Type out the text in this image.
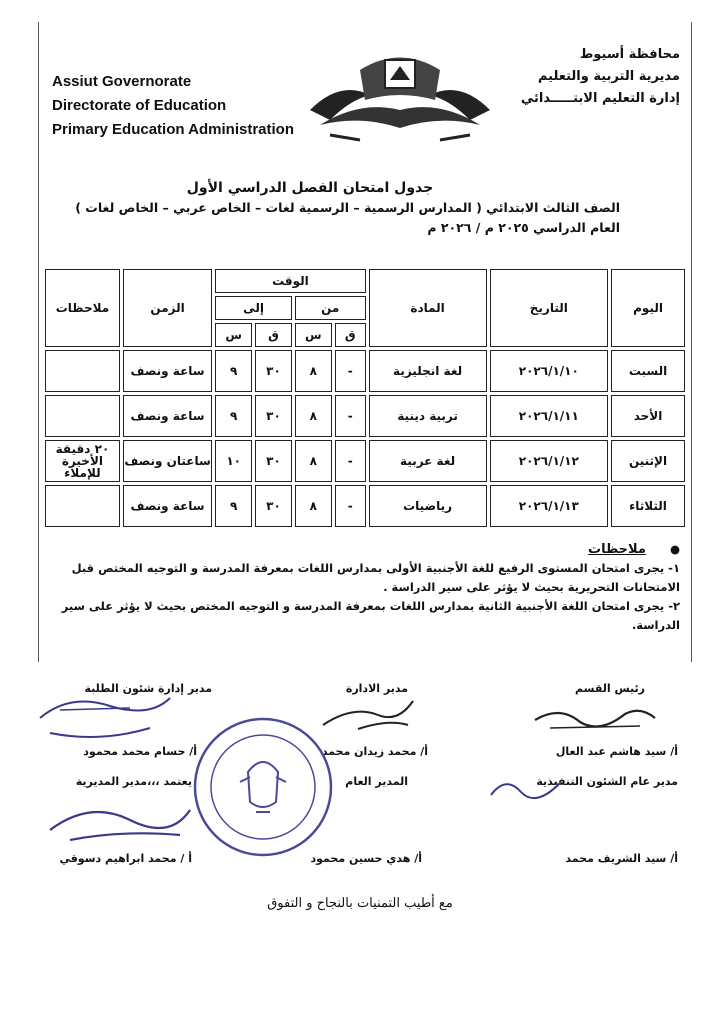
Assiut Governorate
Directorate of Education
Primary Education Administration
محافظة أسيوط
مديرية التربية والتعليم
إدارة التعليم الابتـــــدائي
جدول امتحان الفصل الدراسي الأول
الصف الثالث الابتدائي ( المدارس الرسمية – الرسمية لغات – الخاص عربي – الخاص لغات )
العام الدراسي ٢٠٢٥ م / ٢٠٢٦ م
اليوم	التاريخ	المادة	الوقت				الزمن	ملاحظات
			من		إلى			
			ق	س	ق	س		
السبت	٢٠٢٦/١/١٠	لغة انجليزية	-	٨	٣٠	٩	ساعة ونصف	
الأحد	٢٠٢٦/١/١١	تربية دينية	-	٨	٣٠	٩	ساعة ونصف	
الإثنين	٢٠٢٦/١/١٢	لغة عربية	-	٨	٣٠	١٠	ساعتان ونصف	٢٠ دقيقة الأخيرة للإملاء
الثلاثاء	٢٠٢٦/١/١٣	رياضيات	-	٨	٣٠	٩	ساعة ونصف	
● ملاحظات
١- يجرى امتحان المستوى الرفيع للغة الأجنبية الأولى بمدارس اللغات بمعرفة المدرسة و التوجيه المختص قبل الامتحانات التحريرية بحيث لا يؤثر على سير الدراسة .
٢- يجرى امتحان اللغة الأجنبية الثانية بمدارس اللغات بمعرفة المدرسة و التوجيه المختص بحيث لا يؤثر على سير الدراسة.
رئيس القسم
مدير الادارة
مدير إدارة شئون الطلبة
أ/ سيد هاشم عبد العال
أ/ محمد زيدان محمد
أ/ حسام محمد محمود
مدير عام الشئون التنفيذية
المدير العام
يعتمد ،،،مدير المديرية
أ/ سيد الشريف محمد
أ/ هدي حسين محمود
أ / محمد ابراهيم دسوقي
مع أطيب التمنيات بالنجاح و التفوق
